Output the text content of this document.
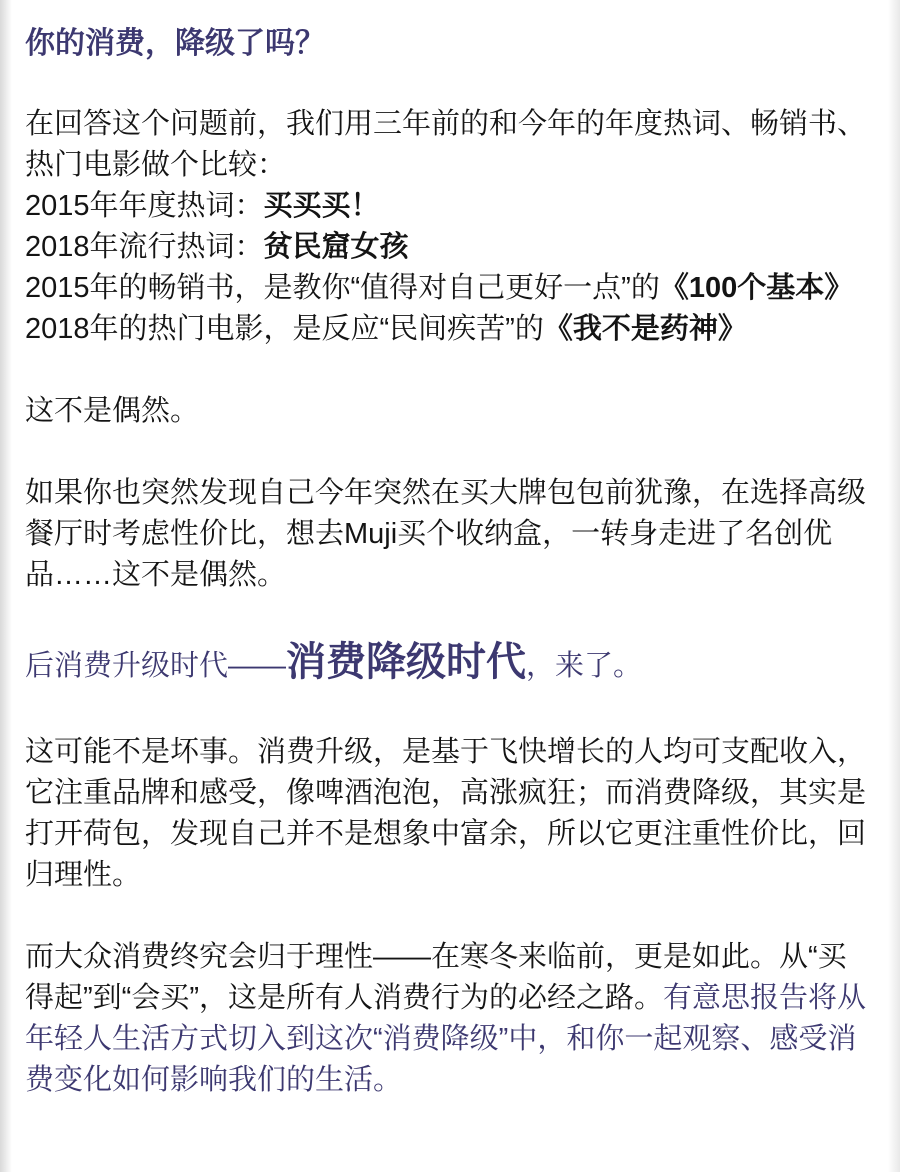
你的消费，降级了吗？

在回答这个问题前，我们用三年前的和今年的年度热词、畅销书、热门电影做个比较：
2015年年度热词：买买买！
2018年流行热词：贫民窟女孩
2015年的畅销书，是教你“值得对自己更好一点”的《100个基本》
2018年的热门电影，是反应“民间疾苦”的《我不是药神》

这不是偶然。

如果你也突然发现自己今年突然在买大牌包包前犹豫，在选择高级餐厅时考虑性价比，想去Muji买个收纳盒，一转身走进了名创优品……这不是偶然。

后消费升级时代——消费降级时代，来了。

这可能不是坏事。消费升级，是基于飞快增长的人均可支配收入，它注重品牌和感受，像啤酒泡泡，高涨疯狂；而消费降级，其实是打开荷包，发现自己并不是想象中富余，所以它更注重性价比，回归理性。

而大众消费终究会归于理性——在寒冬来临前，更是如此。从“买得起”到“会买”，这是所有人消费行为的必经之路。有意思报告将从年轻人生活方式切入到这次“消费降级”中，和你一起观察、感受消费变化如何影响我们的生活。
